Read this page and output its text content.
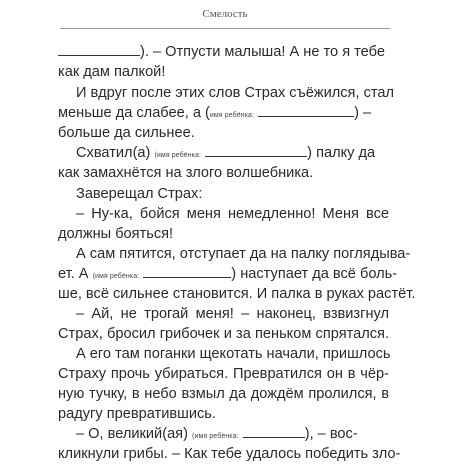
Смелость
). – Отпусти малыша! А не то я тебе
как дам палкой!
И вдруг после этих слов Страх съёжился, стал
меньше да слабее, а (имя ребёнка:	) –
больше да сильнее.
Схватил(а) (имя ребёнка:	) палку да
как замахнётся на злого волшебника.
Заверещал Страх:
– Ну-ка, бойся меня немедленно! Меня все
должны бояться!
А сам пятится, отступает да на палку поглядыва-
ет. А (имя ребёнка:	) наступает да всё боль-
ше, всё сильнее становится. И палка в руках растёт.
– Ай, не трогай меня! – наконец, взвизгнул
Страх, бросил грибочек и за пеньком спрятался.
А его там поганки щекотать начали, пришлось
Страху прочь убираться. Превратился он в чёр-
ную тучку, в небо взмыл да дождём пролился, в
радугу превратившись.
– О, великий(ая) (имя ребёнка:	), – вос-
кликнули грибы. – Как тебе удалось победить зло-
